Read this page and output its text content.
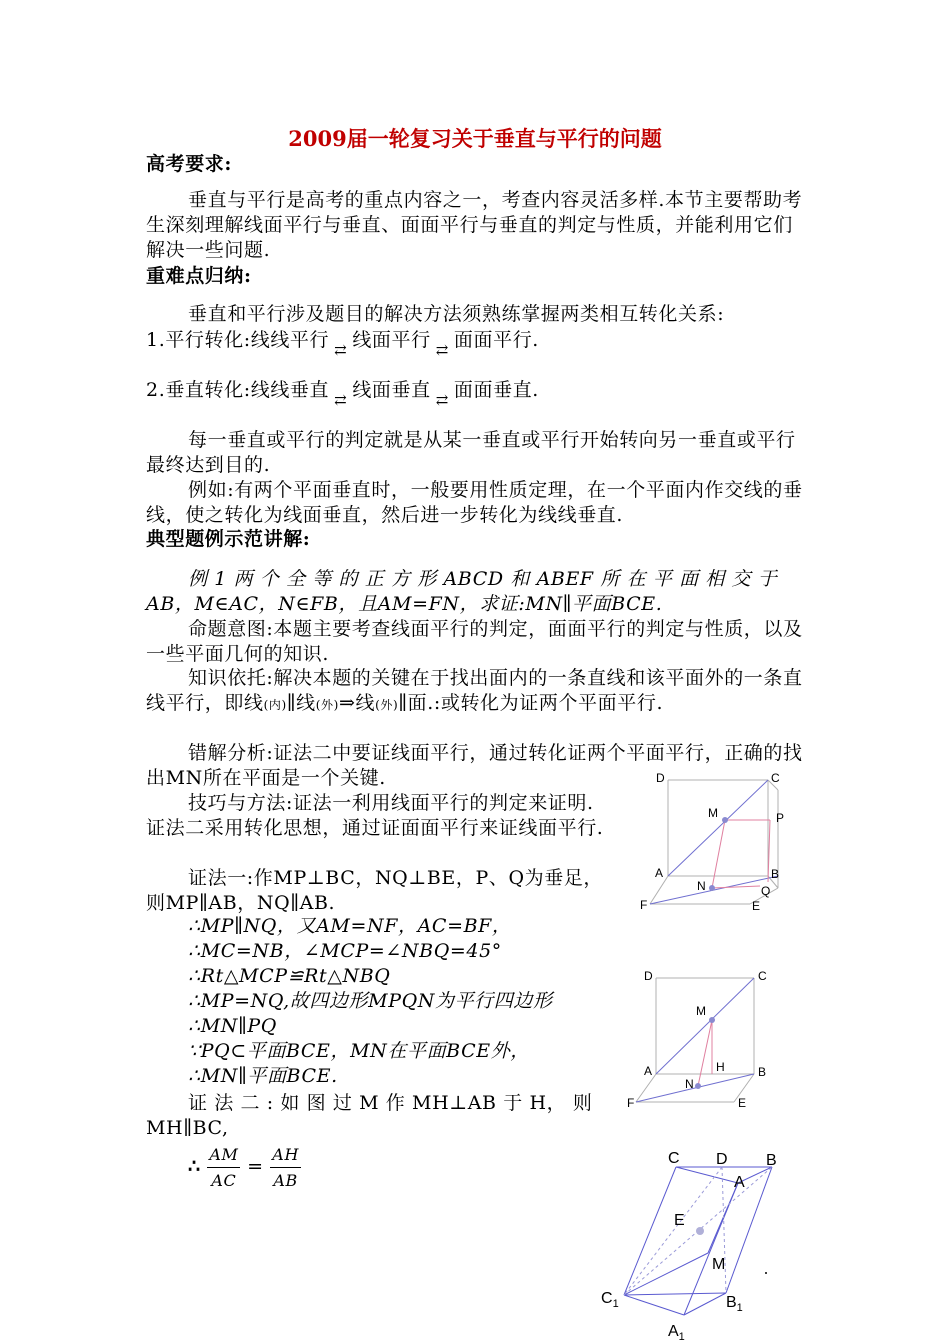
2009届一轮复习关于垂直与平行的问题
高考要求:
垂直与平行是高考的重点内容之一，考查内容灵活多样.本节主要帮助考生深刻理解线面平行与垂直、面面平行与垂直的判定与性质，并能利用它们解决一些问题.
重难点归纳:
垂直和平行涉及题目的解决方法须熟练掌握两类相互转化关系:
1.平行转化:线线平行 $_⇄$ 线面平行 $_⇄$ 面面平行.
2.垂直转化:线线垂直 $_⇄$ 线面垂直 $_⇄$ 面面垂直.
每一垂直或平行的判定就是从某一垂直或平行开始转向另一垂直或平行最终达到目的.
例如:有两个平面垂直时，一般要用性质定理，在一个平面内作交线的垂线，使之转化为线面垂直，然后进一步转化为线线垂直.
典型题例示范讲解:
例 1 两 个 全 等 的 正 方 形 ABCD 和 ABEF 所 在 平 面 相 交 于
AB，M∈AC，N∈FB，且AM=FN，求证:MN∥平面BCE.
命题意图:本题主要考查线面平行的判定，面面平行的判定与性质，以及一些平面几何的知识.
知识依托:解决本题的关键在于找出面内的一条直线和该平面外的一条直线平行，即线(内)∥线(外)⇒线(外)∥面.:或转化为证两个平面平行.
错解分析:证法二中要证线面平行，通过转化证两个平面平行，正确的找出MN所在平面是一个关键.
技巧与方法:证法一利用线面平行的判定来证明.证法二采用转化思想，通过证面面平行来证线面平行.
证法一:作MP⊥BC，NQ⊥BE，P、Q为垂足，则MP∥AB，NQ∥AB.
∴MP∥NQ，又AM=NF，AC=BF，
∴MC=NB，∠MCP=∠NBQ=45°
∴Rt△MCP≌Rt△NBQ
∴MP=NQ,故四边形MPQN为平行四边形
∴MN∥PQ
∵PQ⊂平面BCE，MN在平面BCE外，
∴MN∥平面BCE.
证 法 二 : 如 图 过 M 作 MH⊥AB 于 H， 则 MH∥BC,
∴ $\frac{AM}{AC} = \frac{AH}{AB}$
D	C
M	P
A	B
N	Q
F	E
D	C
M
H
A	B
N
F	E
C D B
A
E
M
$C_1$	$B_1$
$A_1$
